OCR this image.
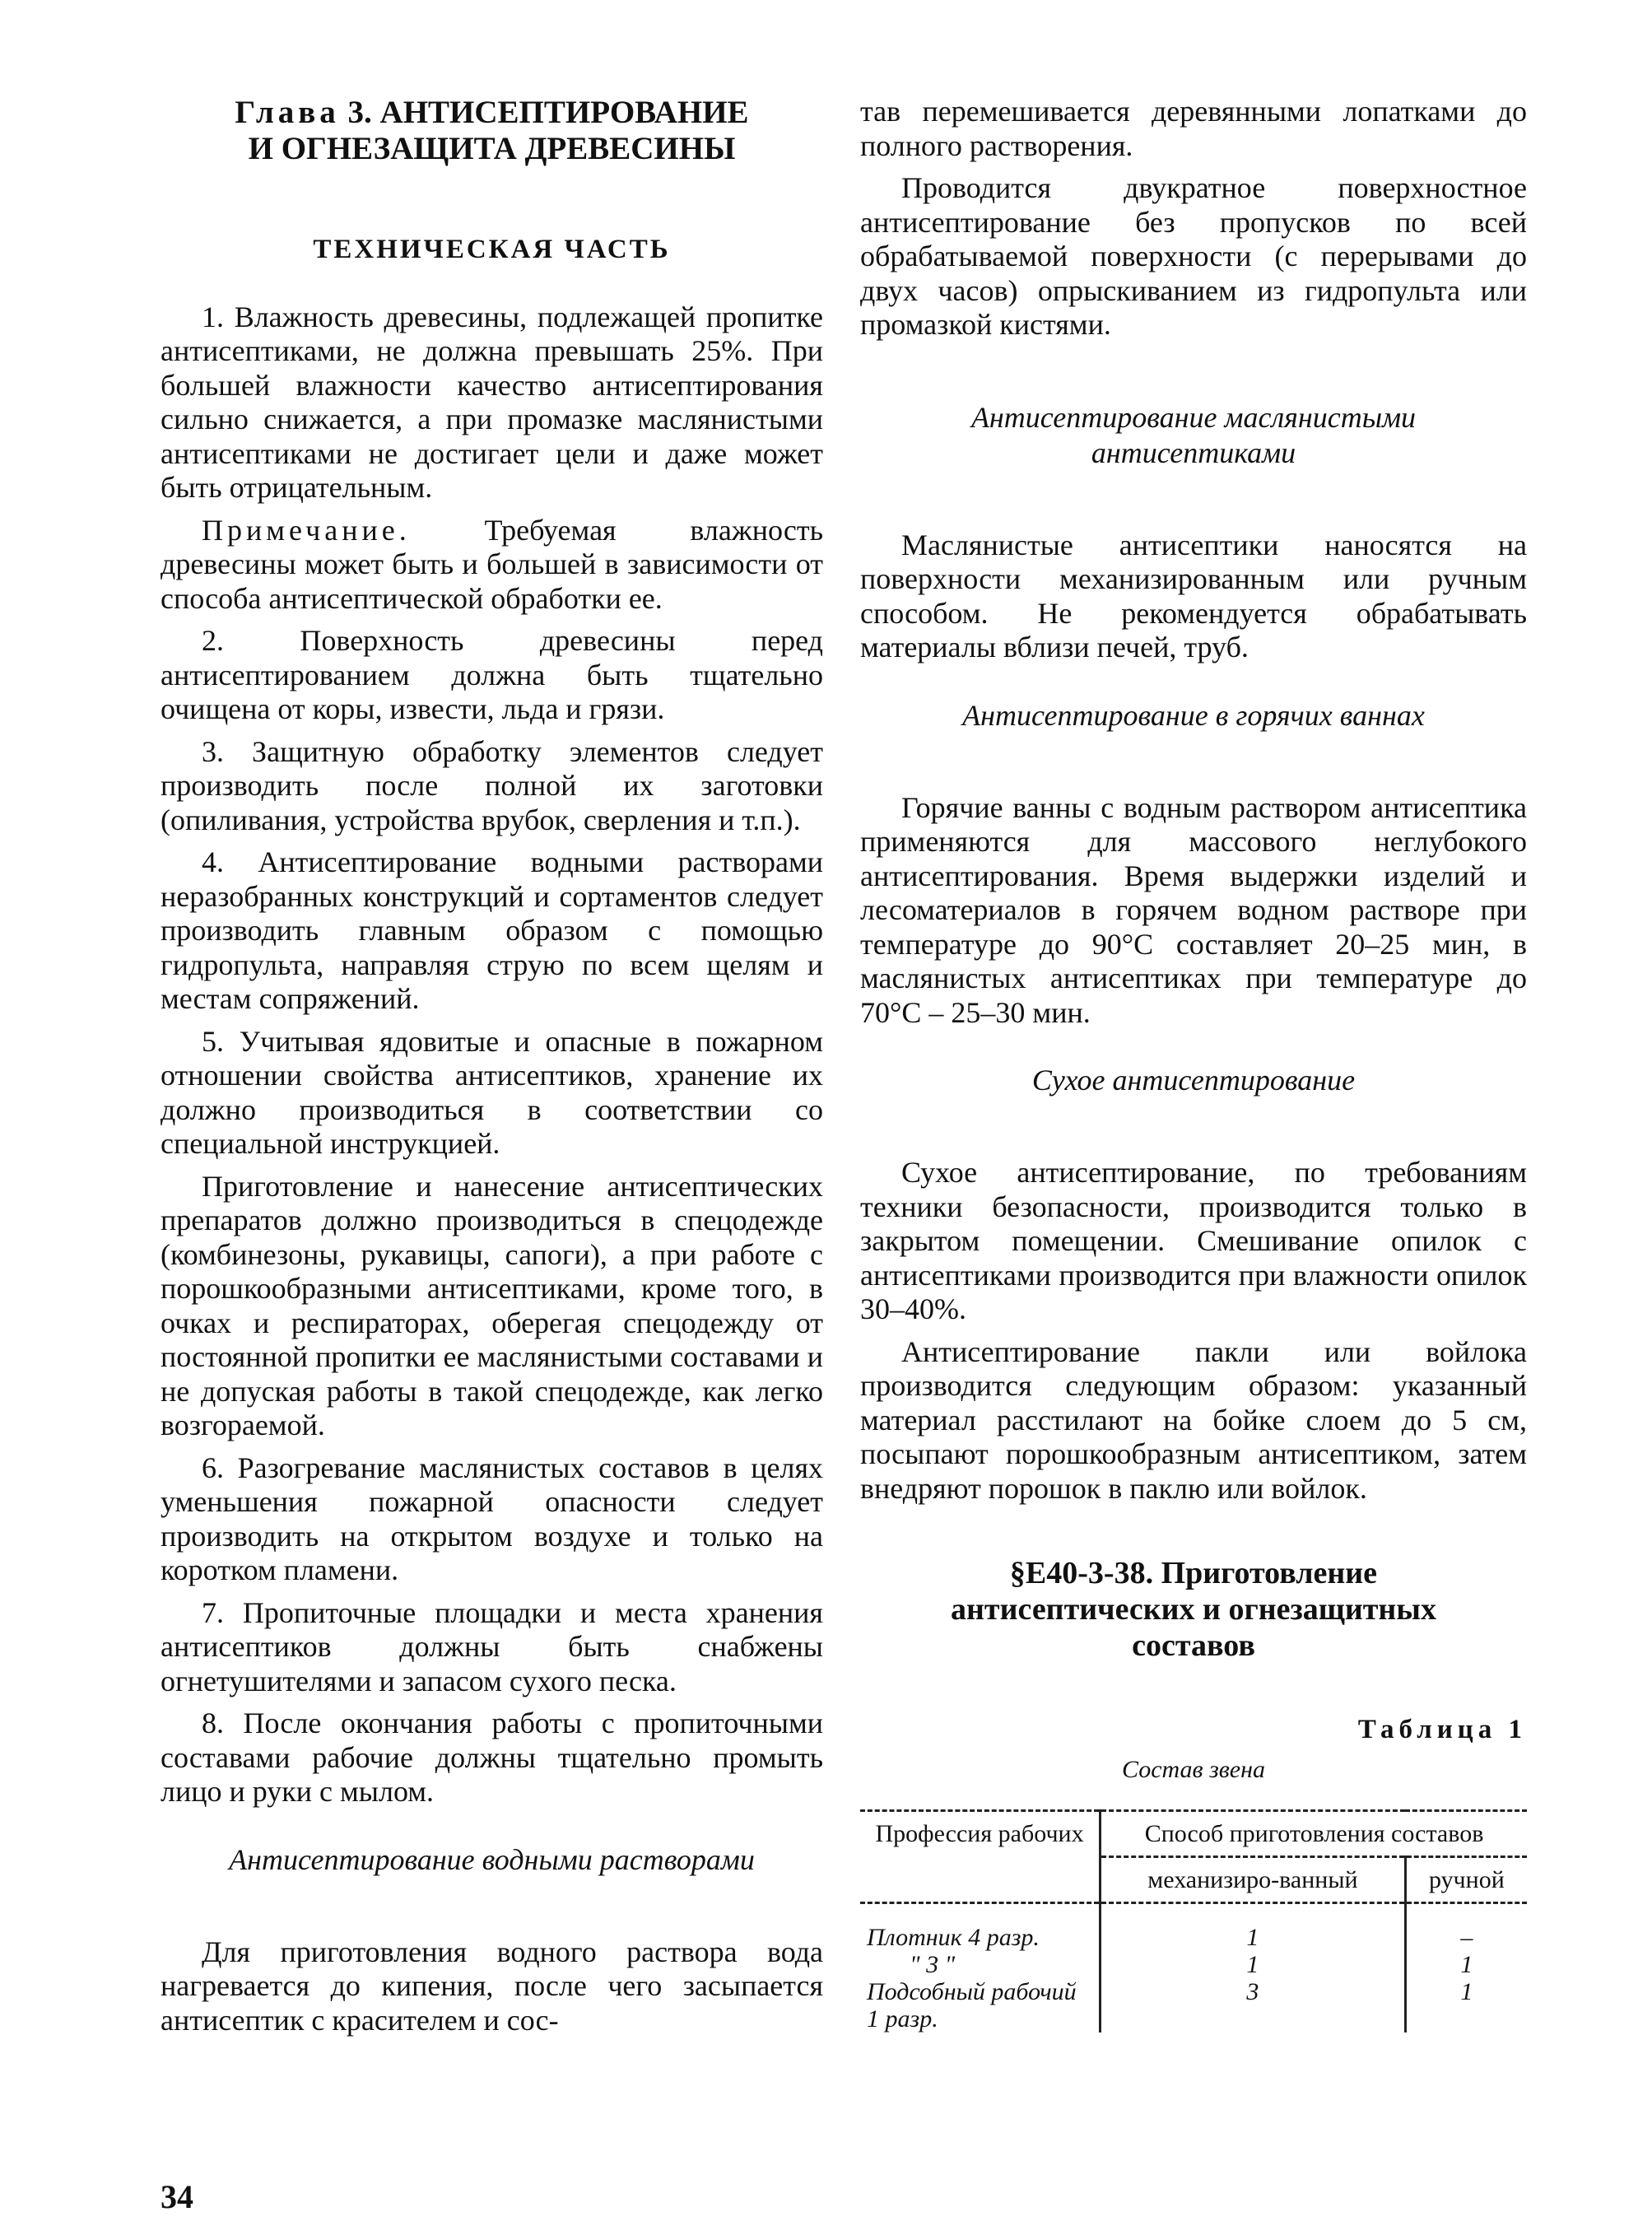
Глава 3. АНТИСЕПТИРОВАНИЕ
И ОГНЕЗАЩИТА ДРЕВЕСИНЫ
ТЕХНИЧЕСКАЯ ЧАСТЬ

1. Влажность древесины, подлежащей пропитке антисептиками, не должна превышать 25%. При большей влажности качество антисептирования сильно снижается, а при промазке маслянистыми антисептиками не достигает цели и даже может быть отрицательным.

Примечание. Требуемая влажность древесины может быть и большей в зависимости от способа антисептической обработки ее.

2. Поверхность древесины перед антисептированием должна быть тщательно очищена от коры, извести, льда и грязи.

3. Защитную обработку элементов следует производить после полной их заготовки (опиливания, устройства врубок, сверления и т.п.).

4. Антисептирование водными растворами неразобранных конструкций и сортаментов следует производить главным образом с помощью гидропульта, направляя струю по всем щелям и местам сопряжений.

5. Учитывая ядовитые и опасные в пожарном отношении свойства антисептиков, хранение их должно производиться в соответствии со специальной инструкцией.

Приготовление и нанесение антисептических препаратов должно производиться в спецодежде (комбинезоны, рукавицы, сапоги), а при работе с порошкообразными антисептиками, кроме того, в очках и респираторах, оберегая спецодежду от постоянной пропитки ее маслянистыми составами и не допуская работы в такой спецодежде, как легко возгораемой.

6. Разогревание маслянистых составов в целях уменьшения пожарной опасности следует производить на открытом воздухе и только на коротком пламени.

7. Пропиточные площадки и места хранения антисептиков должны быть снабжены огнетушителями и запасом сухого песка.

8. После окончания работы с пропиточными составами рабочие должны тщательно промыть лицо и руки с мылом.

Антисептирование водными растворами

Для приготовления водного раствора вода нагревается до кипения, после чего засыпается антисептик с красителем и сос-

тав перемешивается деревянными лопатками до полного растворения.

Проводится двукратное поверхностное антисептирование без пропусков по всей обрабатываемой поверхности (с перерывами до двух часов) опрыскиванием из гидропульта или промазкой кистями.

Антисептирование маслянистыми
антисептиками

Маслянистые антисептики наносятся на поверхности механизированным или ручным способом. Не рекомендуется обрабатывать материалы вблизи печей, труб.

Антисептирование в горячих ваннах

Горячие ванны с водным раствором антисептика применяются для массового неглубокого антисептирования. Время выдержки изделий и лесоматериалов в горячем водном растворе при температуре до 90°С составляет 20–25 мин, в маслянистых антисептиках при температуре до 70°С – 25–30 мин.

Сухое антисептирование

Сухое антисептирование, по требованиям техники безопасности, производится только в закрытом помещении. Смешивание опилок с антисептиками производится при влажности опилок 30–40%.

Антисептирование пакли или войлока производится следующим образом: указанный материал расстилают на бойке слоем до 5 см, посыпают порошкообразным антисептиком, затем внедряют порошок в паклю или войлок.

§Е40-3-38. Приготовление
антисептических и огнезащитных
составов
Таблица 1
Состав звена
Профессия рабочих	Способ приготовления составов	
	механизиро-ванный	ручной
Плотник 4 разр.	1	–
" 3 "	1	1
Подсобный рабочий 1 разр.	3	1
34
